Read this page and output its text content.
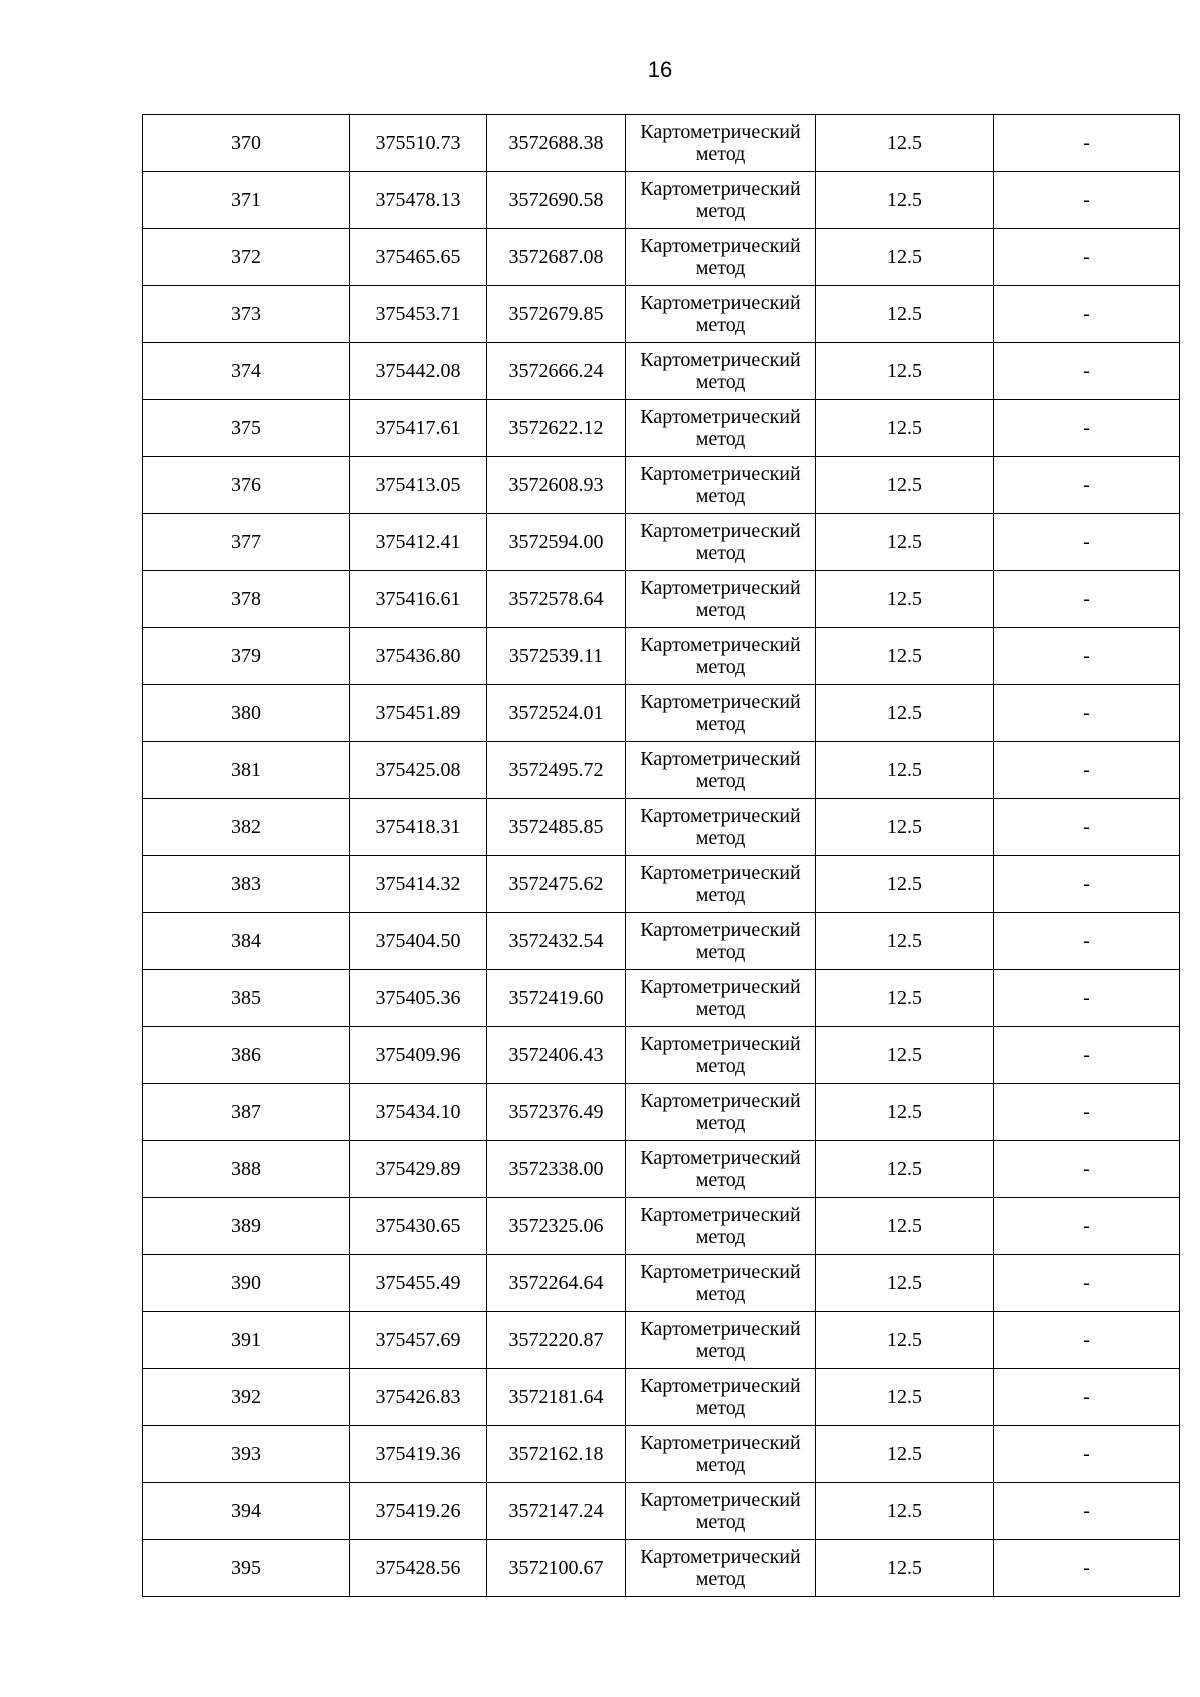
16
370	375510.73	3572688.38	Картометрический
метод	12.5	-
371	375478.13	3572690.58	Картометрический
метод	12.5	-
372	375465.65	3572687.08	Картометрический
метод	12.5	-
373	375453.71	3572679.85	Картометрический
метод	12.5	-
374	375442.08	3572666.24	Картометрический
метод	12.5	-
375	375417.61	3572622.12	Картометрический
метод	12.5	-
376	375413.05	3572608.93	Картометрический
метод	12.5	-
377	375412.41	3572594.00	Картометрический
метод	12.5	-
378	375416.61	3572578.64	Картометрический
метод	12.5	-
379	375436.80	3572539.11	Картометрический
метод	12.5	-
380	375451.89	3572524.01	Картометрический
метод	12.5	-
381	375425.08	3572495.72	Картометрический
метод	12.5	-
382	375418.31	3572485.85	Картометрический
метод	12.5	-
383	375414.32	3572475.62	Картометрический
метод	12.5	-
384	375404.50	3572432.54	Картометрический
метод	12.5	-
385	375405.36	3572419.60	Картометрический
метод	12.5	-
386	375409.96	3572406.43	Картометрический
метод	12.5	-
387	375434.10	3572376.49	Картометрический
метод	12.5	-
388	375429.89	3572338.00	Картометрический
метод	12.5	-
389	375430.65	3572325.06	Картометрический
метод	12.5	-
390	375455.49	3572264.64	Картометрический
метод	12.5	-
391	375457.69	3572220.87	Картометрический
метод	12.5	-
392	375426.83	3572181.64	Картометрический
метод	12.5	-
393	375419.36	3572162.18	Картометрический
метод	12.5	-
394	375419.26	3572147.24	Картометрический
метод	12.5	-
395	375428.56	3572100.67	Картометрический
метод	12.5	-
